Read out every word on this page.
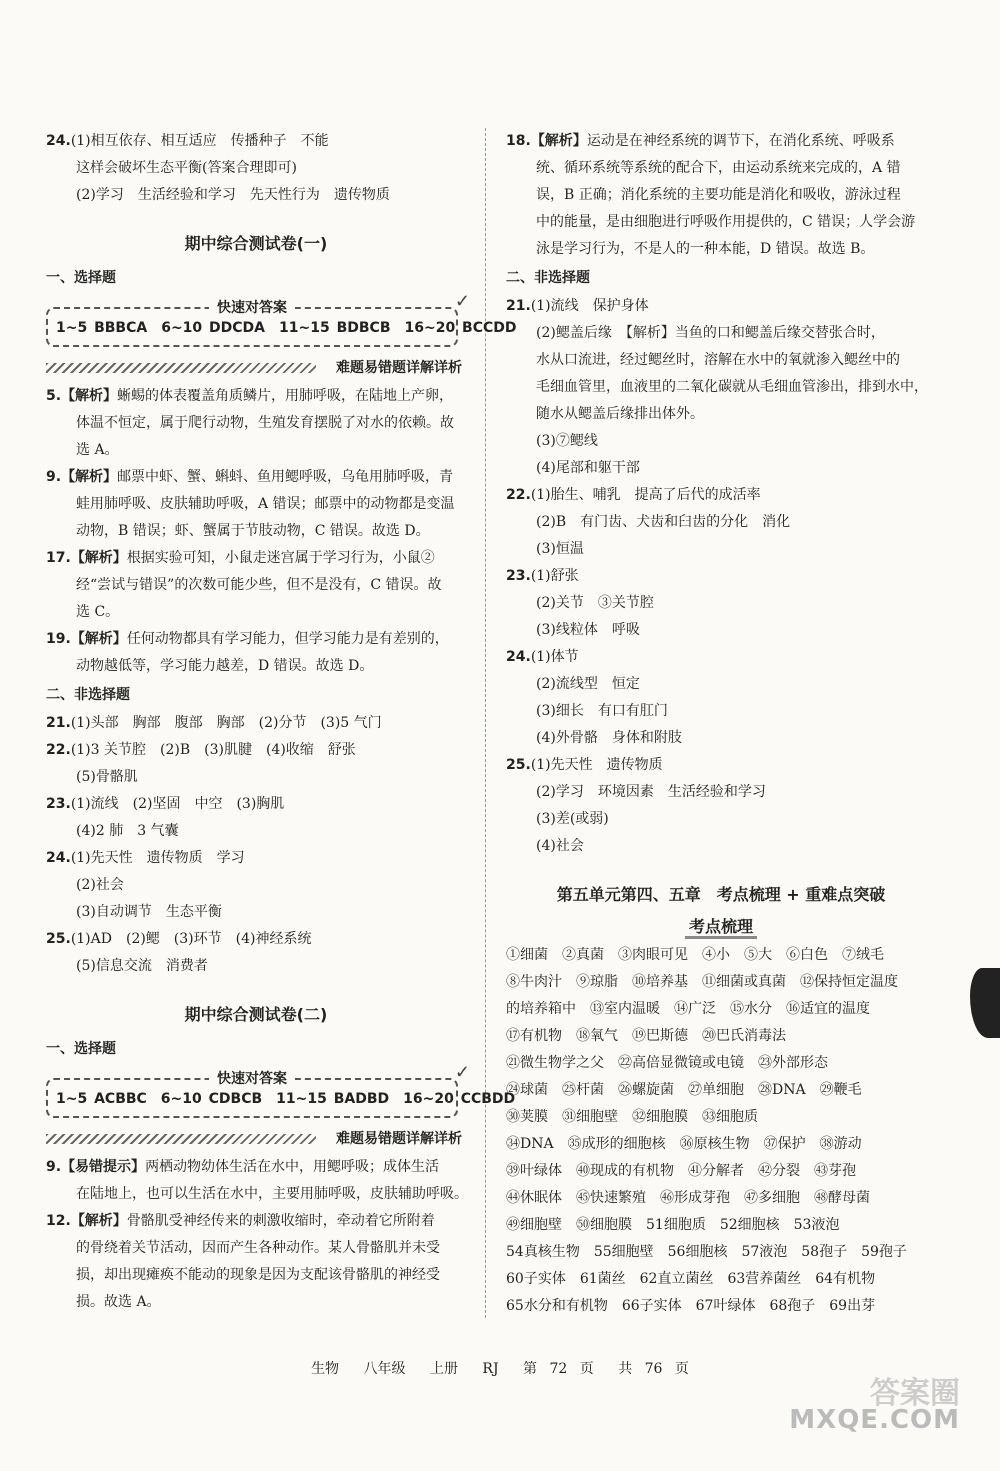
24.(1)相互依存、相互适应　传播种子　不能
这样会破坏生态平衡(答案合理即可)
(2)学习　生活经验和学习　先天性行为　遗传物质
期中综合测试卷(一)
一、选择题
快速对答案
1~5 BBBCA　6~10 DDCDA　11~15 BDBCB　16~20 BCCDD
✓
难题易错题详解详析
5.【解析】蜥蜴的体表覆盖角质鳞片，用肺呼吸，在陆地上产卵，
体温不恒定，属于爬行动物，生殖发育摆脱了对水的依赖。故
选 A。
9.【解析】邮票中虾、蟹、蝌蚪、鱼用鳃呼吸，乌龟用肺呼吸，青
蛙用肺呼吸、皮肤辅助呼吸，A 错误；邮票中的动物都是变温
动物，B 错误；虾、蟹属于节肢动物，C 错误。故选 D。
17.【解析】根据实验可知，小鼠走迷宫属于学习行为，小鼠②
经“尝试与错误”的次数可能少些，但不是没有，C 错误。故
选 C。
19.【解析】任何动物都具有学习能力，但学习能力是有差别的，
动物越低等，学习能力越差，D 错误。故选 D。
二、非选择题
21.(1)头部　胸部　腹部　胸部　(2)分节　(3)5 气门
22.(1)3 关节腔　(2)B　(3)肌腱　(4)收缩　舒张
(5)骨骼肌
23.(1)流线　(2)坚固　中空　(3)胸肌
(4)2 肺　3 气囊
24.(1)先天性　遗传物质　学习
(2)社会
(3)自动调节　生态平衡
25.(1)AD　(2)鳃　(3)环节　(4)神经系统
(5)信息交流　消费者
期中综合测试卷(二)
一、选择题
快速对答案
1~5 ACBBC　6~10 CDBCB　11~15 BADBD　16~20 CCBDD
✓
难题易错题详解详析
9.【易错提示】两栖动物幼体生活在水中，用鳃呼吸；成体生活
在陆地上，也可以生活在水中，主要用肺呼吸，皮肤辅助呼吸。
12.【解析】骨骼肌受神经传来的刺激收缩时，牵动着它所附着
的骨绕着关节活动，因而产生各种动作。某人骨骼肌并未受
损，却出现瘫痪不能动的现象是因为支配该骨骼肌的神经受
损。故选 A。
18.【解析】运动是在神经系统的调节下，在消化系统、呼吸系
统、循环系统等系统的配合下，由运动系统来完成的，A 错
误，B 正确；消化系统的主要功能是消化和吸收，游泳过程
中的能量，是由细胞进行呼吸作用提供的，C 错误；人学会游
泳是学习行为，不是人的一种本能，D 错误。故选 B。
二、非选择题
21.(1)流线　保护身体
(2)鳃盖后缘　【解析】当鱼的口和鳃盖后缘交替张合时，
水从口流进，经过鳃丝时，溶解在水中的氧就渗入鳃丝中的
毛细血管里，血液里的二氧化碳就从毛细血管渗出，排到水中，
随水从鳃盖后缘排出体外。
(3)⑦鳃线
(4)尾部和躯干部
22.(1)胎生、哺乳　提高了后代的成活率
(2)B　有门齿、犬齿和臼齿的分化　消化
(3)恒温
23.(1)舒张
(2)关节　③关节腔
(3)线粒体　呼吸
24.(1)体节
(2)流线型　恒定
(3)细长　有口有肛门
(4)外骨骼　身体和附肢
25.(1)先天性　遗传物质
(2)学习　环境因素　生活经验和学习
(3)差(或弱)
(4)社会
第五单元第四、五章　考点梳理 + 重难点突破
考点梳理
①细菌　②真菌　③肉眼可见　④小　⑤大　⑥白色　⑦绒毛
⑧牛肉汁　⑨琼脂　⑩培养基　⑪细菌或真菌　⑫保持恒定温度
的培养箱中　⑬室内温暖　⑭广泛　⑮水分　⑯适宜的温度
⑰有机物　⑱氧气　⑲巴斯德　⑳巴氏消毒法
㉑微生物学之父　㉒高倍显微镜或电镜　㉓外部形态
㉔球菌　㉕杆菌　㉖螺旋菌　㉗单细胞　㉘DNA　㉙鞭毛
㉚荚膜　㉛细胞壁　㉜细胞膜　㉝细胞质
㉞DNA　㉟成形的细胞核　㊱原核生物　㊲保护　㊳游动
㊴叶绿体　㊵现成的有机物　㊶分解者　㊷分裂　㊸芽孢
㊹休眠体　㊺快速繁殖　㊻形成芽孢　㊼多细胞　㊽酵母菌
㊾细胞壁　㊿细胞膜　51细胞质　52细胞核　53液泡
54真核生物　55细胞壁　56细胞核　57液泡　58孢子　59孢子
60子实体　61菌丝　62直立菌丝　63营养菌丝　64有机物
65水分和有机物　66子实体　67叶绿体　68孢子　69出芽
生物 八年级 上册 RJ 第 72 页 共 76 页
答案圈
MXQE.COM
